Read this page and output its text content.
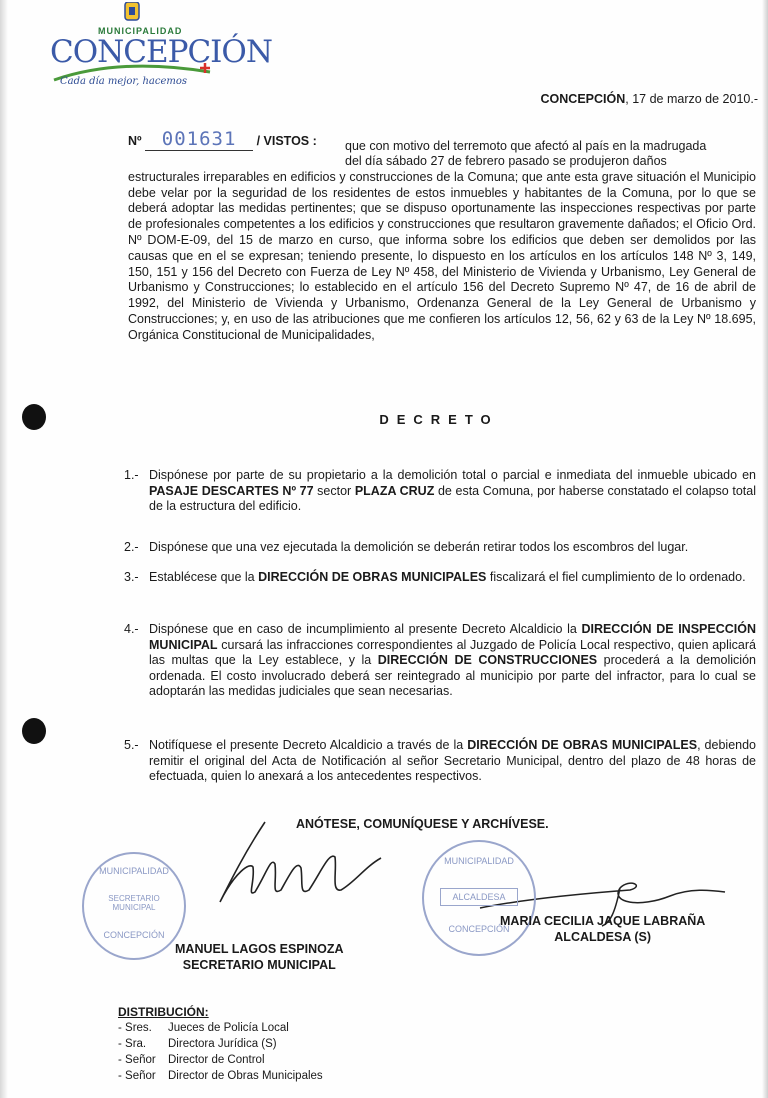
MUNICIPALIDAD
CONCEPCIÓN
Cada día mejor, hacemos
CONCEPCIÓN, 17 de marzo de 2010.-
Nº 001631 / VISTOS : que con motivo del terremoto que afectó al país en la madrugada
del día sábado 27 de febrero pasado se produjeron daños
estructurales irreparables en edificios y construcciones de la Comuna; que ante esta grave situación el Municipio debe velar por la seguridad de los residentes de estos inmuebles y habitantes de la Comuna, por lo que se deberá adoptar las medidas pertinentes; que se dispuso oportunamente las inspecciones respectivas por parte de profesionales competentes a los edificios y construcciones que resultaron gravemente dañados; el Oficio Ord. Nº DOM-E-09, del 15 de marzo en curso, que informa sobre los edificios que deben ser demolidos por las causas que en el se expresan; teniendo presente, lo dispuesto en los artículos en los artículos 148 Nº 3, 149, 150, 151 y 156 del Decreto con Fuerza de Ley Nº 458, del Ministerio de Vivienda y Urbanismo, Ley General de Urbanismo y Construcciones; lo establecido en el artículo 156 del Decreto Supremo Nº 47, de 16 de abril de 1992, del Ministerio de Vivienda y Urbanismo, Ordenanza General de la Ley General de Urbanismo y Construcciones; y, en uso de las atribuciones que me confieren los artículos 12, 56, 62 y 63 de la Ley Nº 18.695, Orgánica Constitucional de Municipalidades,
DECRETO
1.- Dispónese por parte de su propietario a la demolición total o parcial e inmediata del inmueble ubicado en PASAJE DESCARTES Nº 77 sector PLAZA CRUZ de esta Comuna, por haberse constatado el colapso total de la estructura del edificio.
2.- Dispónese que una vez ejecutada la demolición se deberán retirar todos los escombros del lugar.
3.- Establécese que la DIRECCIÓN DE OBRAS MUNICIPALES fiscalizará el fiel cumplimiento de lo ordenado.
4.- Dispónese que en caso de incumplimiento al presente Decreto Alcaldicio la DIRECCIÓN DE INSPECCIÓN MUNICIPAL cursará las infracciones correspondientes al Juzgado de Policía Local respectivo, quien aplicará las multas que la Ley establece, y la DIRECCIÓN DE CONSTRUCCIONES procederá a la demolición ordenada. El costo involucrado deberá ser reintegrado al municipio por parte del infractor, para lo cual se adoptarán las medidas judiciales que sean necesarias.
5.- Notifíquese el presente Decreto Alcaldicio a través de la DIRECCIÓN DE OBRAS MUNICIPALES, debiendo remitir el original del Acta de Notificación al señor Secretario Municipal, dentro del plazo de 48 horas de efectuada, quien lo anexará a los antecedentes respectivos.
ANÓTESE, COMUNÍQUESE Y ARCHÍVESE.
MUNICIPALIDAD
SECRETARIO MUNICIPAL
CONCEPCIÓN
MUNICIPALIDAD
ALCALDESA
CONCEPCIÓN
MANUEL LAGOS ESPINOZA
SECRETARIO MUNICIPAL
MARIA CECILIA JAQUE LABRAÑA
ALCALDESA (S)
DISTRIBUCIÓN:
- Sres.	Jueces de Policía Local
- Sra.	Directora Jurídica (S)
- Señor	Director de Control
- Señor	Director de Obras Municipales
